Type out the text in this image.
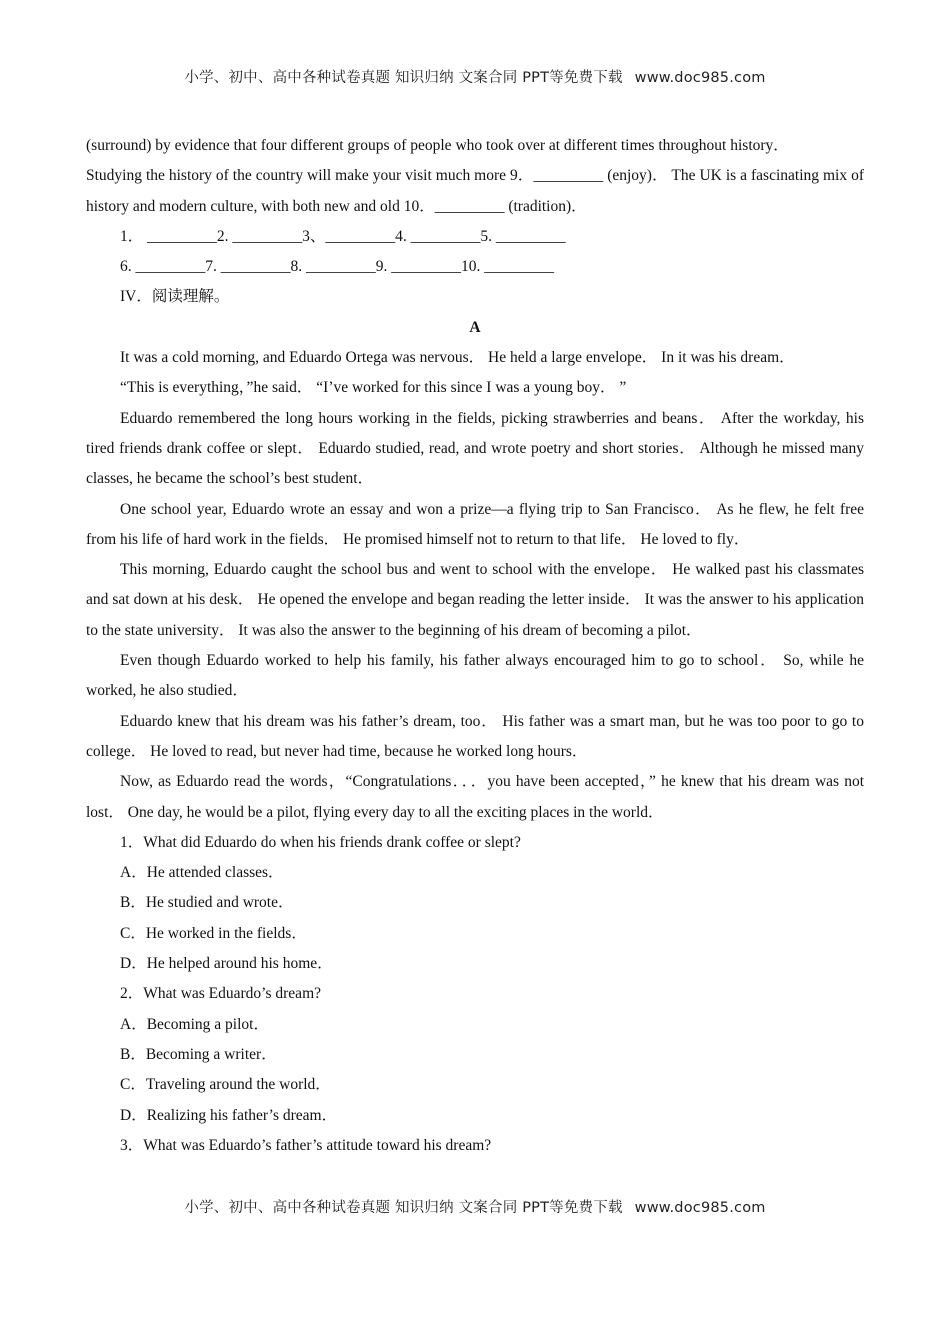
小学、初中、高中各种试卷真题 知识归纳 文案合同 PPT等免费下载 www.doc985.com

(surround) by evidence that four different groups of people who took over at different times throughout history．

Studying the history of the country will make your visit much more 9．_________ (enjoy)． The UK is a fascinating mix of history and modern culture, with both new and old 10．_________ (tradition)．

1． _________2. _________3、_________4. _________5. _________

6. _________7. _________8. _________9. _________10. _________

IV．阅读理解。

A

It was a cold morning, and Eduardo Ortega was nervous． He held a large envelope． In it was his dream．

“This is everything，”he said． “I’ve worked for this since I was a young boy． ”

Eduardo remembered the long hours working in the fields, picking strawberries and beans． After the workday, his tired friends drank coffee or slept． Eduardo studied, read, and wrote poetry and short stories． Although he missed many classes, he became the school’s best student．

One school year, Eduardo wrote an essay and won a prize—a flying trip to San Francisco． As he flew, he felt free from his life of hard work in the fields． He promised himself not to return to that life． He loved to fly．

This morning, Eduardo caught the school bus and went to school with the envelope． He walked past his classmates and sat down at his desk． He opened the envelope and began reading the letter inside． It was the answer to his application to the state university． It was also the answer to the beginning of his dream of becoming a pilot．

Even though Eduardo worked to help his family, his father always encouraged him to go to school． So, while he worked, he also studied．

Eduardo knew that his dream was his father’s dream, too． His father was a smart man, but he was too poor to go to college． He loved to read, but never had time, because he worked long hours．

Now, as Eduardo read the words，“Congratulations．．．you have been accepted，” he knew that his dream was not lost． One day, he would be a pilot, flying every day to all the exciting places in the world．

1．What did Eduardo do when his friends drank coffee or slept?

A．He attended classes．

B．He studied and wrote．

C．He worked in the fields．

D．He helped around his home．

2．What was Eduardo’s dream?

A．Becoming a pilot．

B．Becoming a writer．

C．Traveling around the world．

D．Realizing his father’s dream．

3．What was Eduardo’s father’s attitude toward his dream?

小学、初中、高中各种试卷真题 知识归纳 文案合同 PPT等免费下载 www.doc985.com
